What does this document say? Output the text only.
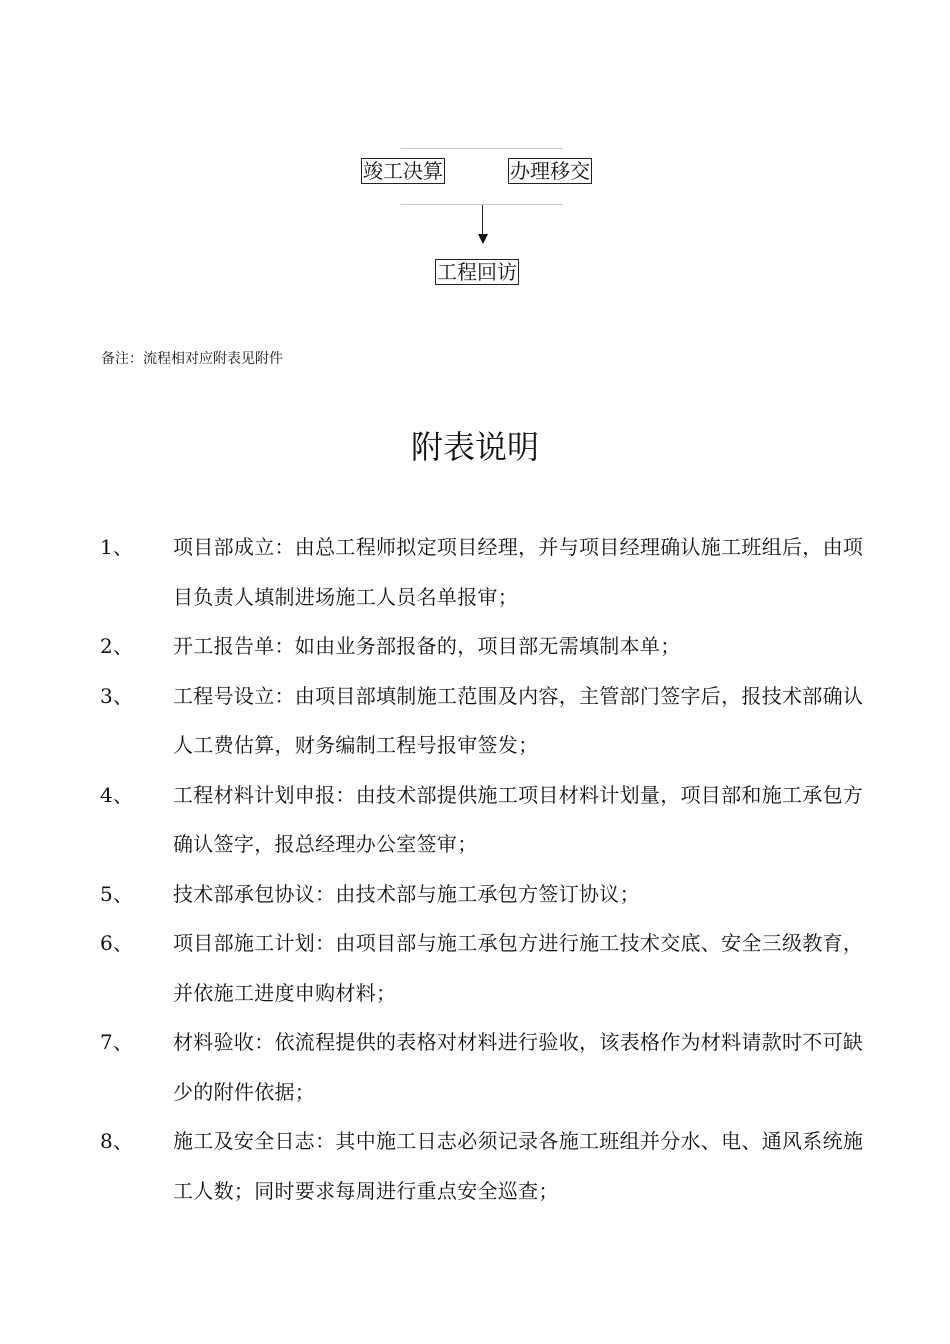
竣工决算	办理移交
工程回访
备注：流程相对应附表见附件
附表说明
1、 项目部成立：由总工程师拟定项目经理，并与项目经理确认施工班组后，由项目负责人填制进场施工人员名单报审；
2、 开工报告单：如由业务部报备的，项目部无需填制本单；
3、 工程号设立：由项目部填制施工范围及内容，主管部门签字后，报技术部确认人工费估算，财务编制工程号报审签发；
4、 工程材料计划申报：由技术部提供施工项目材料计划量，项目部和施工承包方确认签字，报总经理办公室签审；
5、 技术部承包协议：由技术部与施工承包方签订协议；
6、 项目部施工计划：由项目部与施工承包方进行施工技术交底、安全三级教育，并依施工进度申购材料；
7、 材料验收：依流程提供的表格对材料进行验收，该表格作为材料请款时不可缺少的附件依据；
8、 施工及安全日志：其中施工日志必须记录各施工班组并分水、电、通风系统施工人数；同时要求每周进行重点安全巡查；
